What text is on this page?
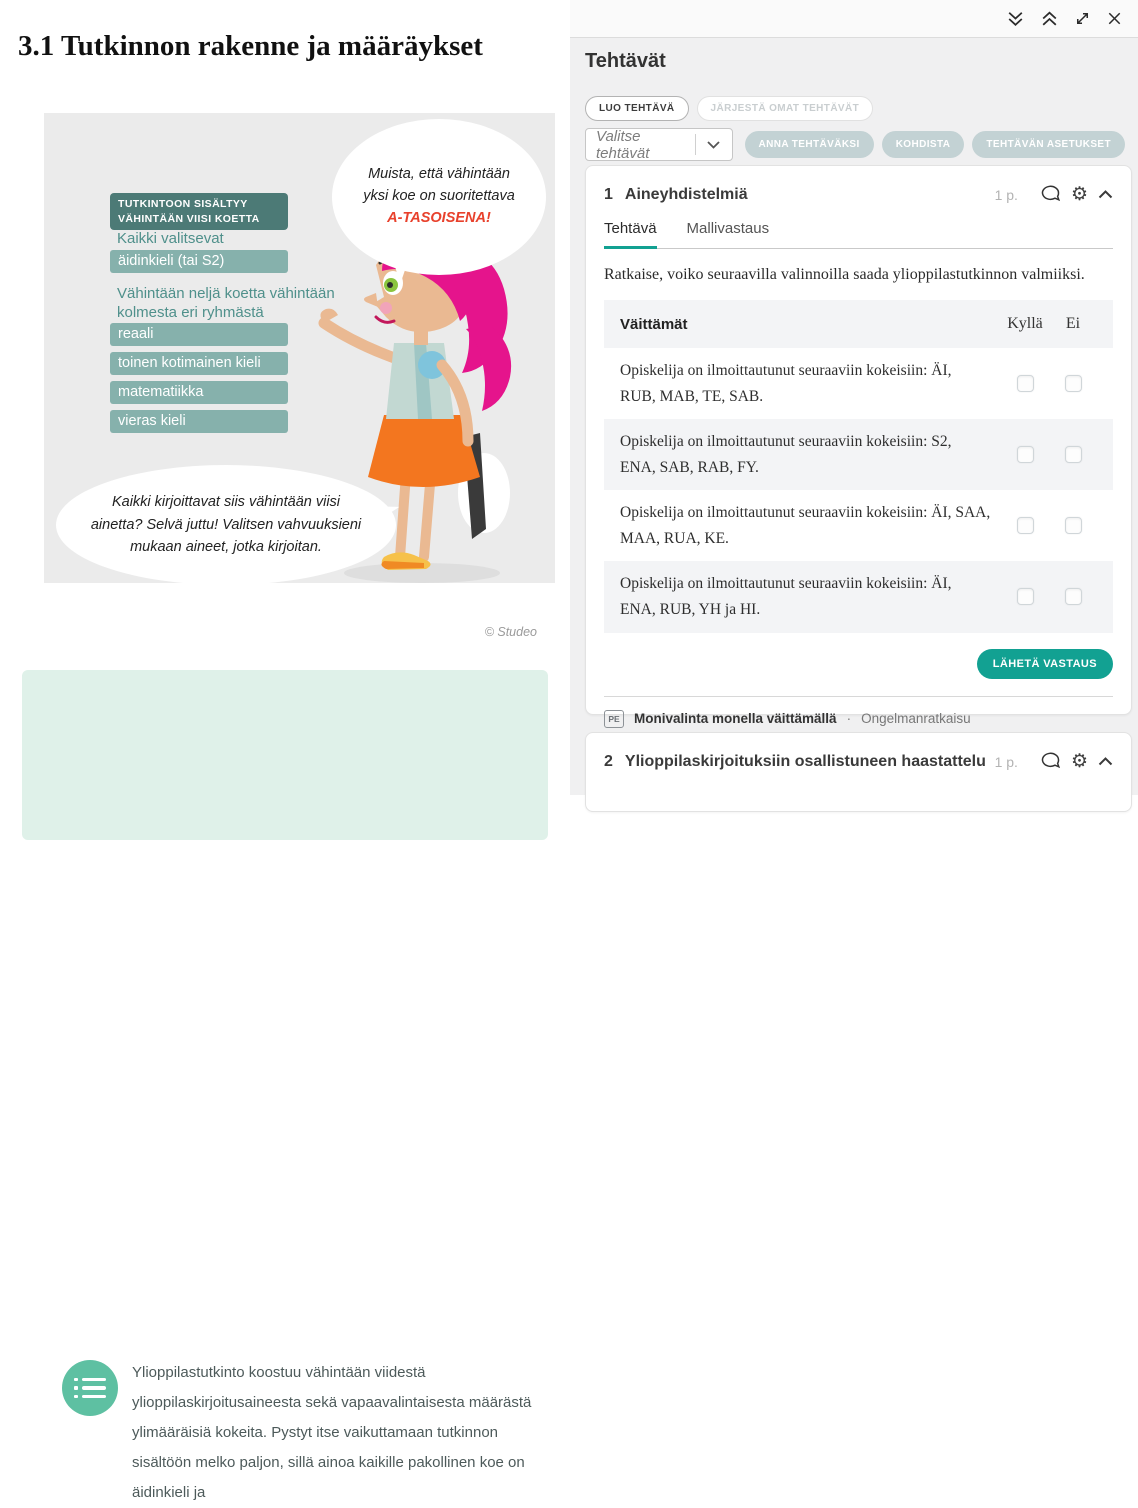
3.1 Tutkinnon rakenne ja määräykset
TUTKINTOON SISÄLTYY
VÄHINTÄÄN VIISI KOETTA
Kaikki valitsevat
äidinkieli (tai S2)
Vähintään neljä koetta vähintään kolmesta eri ryhmästä
reaali
toinen kotimainen kieli
matematiikka
vieras kieli
Muista, että vähintään
yksi koe on suoritettava
A-TASOISENA!
Kaikki kirjoittavat siis vähintään viisi ainetta? Selvä juttu! Valitsen vahvuuksieni mukaan aineet, jotka kirjoitan.
© Studeo
Ylioppilastutkinto koostuu vähintään viidestä ylioppilaskirjoitusaineesta sekä vapaavalintaisesta määrästä ylimääräisiä kokeita. Pystyt itse vaikuttamaan tutkinnon sisältöön melko paljon, sillä ainoa kaikille pakollinen koe on äidinkieli ja
Tehtävät
LUO TEHTÄVÄ	JÄRJESTÄ OMAT TEHTÄVÄT
Valitse tehtävät	ANNA TEHTÄVÄKSI	KOHDISTA	TEHTÄVÄN ASETUKSET
1 Aineyhdistelmiä	1 p.	⚙
Tehtävä Mallivastaus
Ratkaise, voiko seuraavilla valinnoilla saada ylioppilastutkinnon valmiiksi.
Väittämät	Kyllä	Ei
Opiskelija on ilmoittautunut seuraaviin kokeisiin: ÄI, RUB, MAB, TE, SAB.
Opiskelija on ilmoittautunut seuraaviin kokeisiin: S2, ENA, SAB, RAB, FY.
Opiskelija on ilmoittautunut seuraaviin kokeisiin: ÄI, SAA, MAA, RUA, KE.
Opiskelija on ilmoittautunut seuraaviin kokeisiin: ÄI, ENA, RUB, YH ja HI.
LÄHETÄ VASTAUS
PE	Monivalinta monella väittämällä · Ongelmanratkaisu
2 Ylioppilaskirjoituksiin osallistuneen haastattelu 1 p.	⚙
